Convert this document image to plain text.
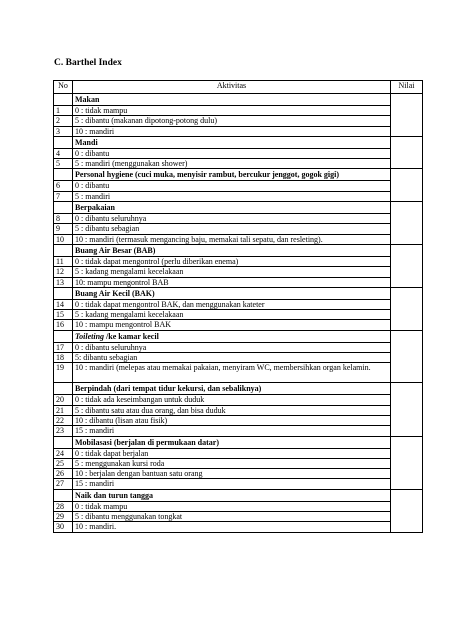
C. Barthel Index
No	Aktivitas	Nilai
	Makan	
1	0 : tidak mampu	
2	5 : dibantu (makanan dipotong-potong dulu)	
3	10 : mandiri	
	Mandi	
4	0 : dibantu	
5	5 : mandiri (menggunakan shower)	
	Personal hygiene (cuci muka, menyisir rambut, bercukur jenggot, gogok gigi)	
6	0 : dibantu	
7	5 : mandiri	
	Berpakaian	
8	0 : dibantu seluruhnya	
9	5 : dibantu sebagian	
10	10 : mandiri (termasuk mengancing baju, memakai tali sepatu, dan resleting).	
	Buang Air Besar (BAB)	
11	0 : tidak dapat mengontrol (perlu diberikan enema)	
12	5 : kadang mengalami kecelakaan	
13	10: mampu mengontrol BAB	
	Buang Air Kecil (BAK)	
14	0 : tidak dapat mengontrol BAK, dan menggunakan kateter	
15	5 : kadang mengalami kecelakaan	
16	10 : mampu mengontrol BAK	
	Toileting /ke kamar kecil	
17	0 : dibantu seluruhnya	
18	5: dibantu sebagian	
19	10 : mandiri (melepas atau memakai pakaian, menyiram WC, membersihkan organ kelamin.	
	Berpindah (dari tempat tidur kekursi, dan sebaliknya)	
20	0 : tidak ada keseimbangan untuk duduk	
21	5 : dibantu satu atau dua orang, dan bisa duduk	
22	10 : dibantu (lisan atau fisik)	
23	15 : mandiri	
	Mobilasasi (berjalan di permukaan datar)	
24	0 : tidak dapat berjalan	
25	5 : menggunakan kursi roda	
26	10 : berjalan dengan bantuan satu orang	
27	15 : mandiri	
	Naik dan turun tangga	
28	0 : tidak mampu	
29	5 : dibantu menggunakan tongkat	
30	10 : mandiri.	
